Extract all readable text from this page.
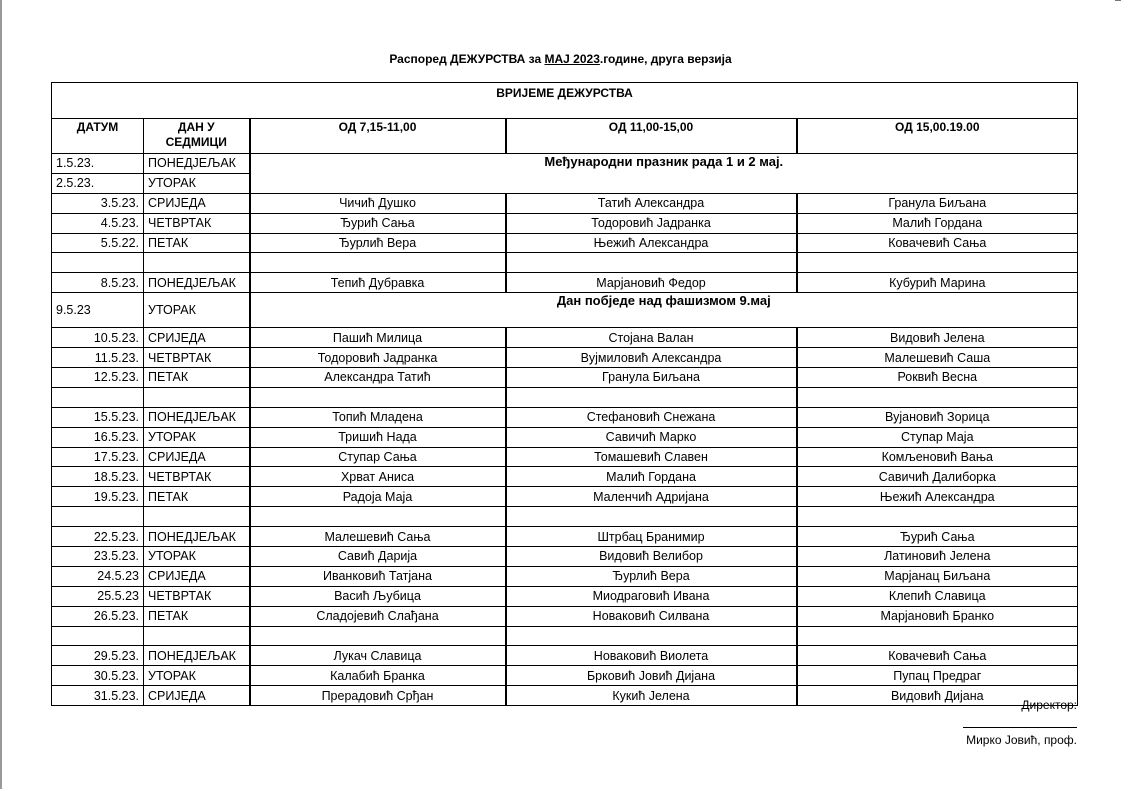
Распоред ДЕЖУРСТВА за МАЈ 2023.године, друга верзија
ВРИЈЕМЕ ДЕЖУРСТВА				
ДАТУМ	ДАН У СЕДМИЦИ	ОД 7,15-11,00	ОД 11,00-15,00	ОД 15,00.19.00
1.5.23.	ПОНЕДЈЕЉАК	Међународни празник рада 1 и 2 мај.		
2.5.23.	УТОРАК			
3.5.23.	СРИЈЕДА	Чичић Душко	Татић Александра	Гранула Биљана
4.5.23.	ЧЕТВРТАК	Ђурић Сања	Тодоровић Јадранка	Малић Гордана
5.5.22.	ПЕТАК	Ђурлић Вера	Њежић Александра	Ковачевић Сања

8.5.23.	ПОНЕДЈЕЉАК	Тепић Дубравка	Марјановић Федор	Кубурић Марина
9.5.23	УТОРАК	Дан побједе над фашизмом 9.мај		
10.5.23.	СРИЈЕДА	Пашић Милица	Стојана Валан	Видовић Јелена
11.5.23.	ЧЕТВРТАК	Тодоровић Јадранка	Вујмиловић Александра	Малешевић Саша
12.5.23.	ПЕТАК	Александра Татић	Гранула Биљана	Роквић Весна

15.5.23.	ПОНЕДЈЕЉАК	Топић Младена	Стефановић Снежана	Вујановић Зорица
16.5.23.	УТОРАК	Тришић Нада	Савичић Марко	Ступар Маја
17.5.23.	СРИЈЕДА	Ступар Сања	Томашевић Славен	Комљеновић Вања
18.5.23.	ЧЕТВРТАК	Хрват Аниса	Малић Гордана	Савичић Далиборка
19.5.23.	ПЕТАК	Радоја Маја	Маленчић Адријана	Њежић Александра

22.5.23.	ПОНЕДЈЕЉАК	Малешевић Сања	Штрбац Бранимир	Ђурић Сања
23.5.23.	УТОРАК	Савић Дарија	Видовић Велибор	Латиновић Јелена
24.5.23	СРИЈЕДА	Иванковић Татјана	Ђурлић Вера	Марјанац Биљана
25.5.23	ЧЕТВРТАК	Васић Љубица	Миодраговић Ивана	Клепић Славица
26.5.23.	ПЕТАК	Сладојевић Слађана	Новаковић Силвана	Марјановић Бранко

29.5.23.	ПОНЕДЈЕЉАК	Лукач Славица	Новаковић Виолета	Ковачевић Сања
30.5.23.	УТОРАК	Калабић Бранка	Брковић Јовић Дијана	Пупац Предраг
31.5.23.	СРИЈЕДА	Прерадовић Срђан	Кукић Јелена	Видовић Дијана
Директор:
Мирко Јовић, проф.
